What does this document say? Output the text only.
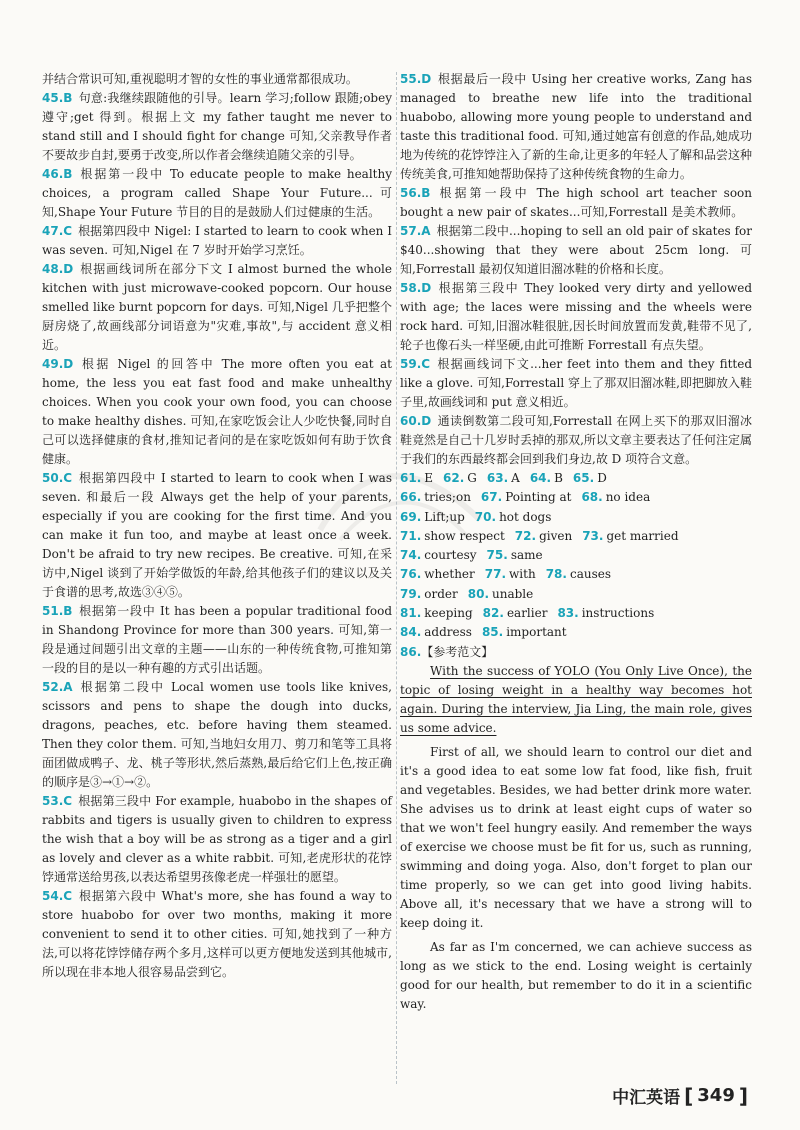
并结合常识可知,重视聪明才智的女性的事业通常都很成功。
45.B 句意:我继续跟随他的引导。learn 学习;follow 跟随;obey 遵守;get 得到。根据上文 my father taught me never to stand still and I should fight for change 可知,父亲教导作者不要故步自封,要勇于改变,所以作者会继续追随父亲的引导。
46.B 根据第一段中 To educate people to make healthy choices, a program called Shape Your Future...可知,Shape Your Future 节目的目的是鼓励人们过健康的生活。
47.C 根据第四段中 Nigel: I started to learn to cook when I was seven. 可知,Nigel 在 7 岁时开始学习烹饪。
48.D 根据画线词所在部分下文 I almost burned the whole kitchen with just microwave-cooked popcorn. Our house smelled like burnt popcorn for days. 可知,Nigel 几乎把整个厨房烧了,故画线部分词语意为"灾难,事故",与 accident 意义相近。
49.D 根据 Nigel 的回答中 The more often you eat at home, the less you eat fast food and make unhealthy choices. When you cook your own food, you can choose to make healthy dishes. 可知,在家吃饭会让人少吃快餐,同时自己可以选择健康的食材,推知记者问的是在家吃饭如何有助于饮食健康。
50.C 根据第四段中 I started to learn to cook when I was seven. 和最后一段 Always get the help of your parents, especially if you are cooking for the first time. And you can make it fun too, and maybe at least once a week. Don't be afraid to try new recipes. Be creative. 可知,在采访中,Nigel 谈到了开始学做饭的年龄,给其他孩子们的建议以及关于食谱的思考,故选③④⑤。
51.B 根据第一段中 It has been a popular traditional food in Shandong Province for more than 300 years. 可知,第一段是通过间题引出文章的主题——山东的一种传统食物,可推知第一段的目的是以一种有趣的方式引出话题。
52.A 根据第二段中 Local women use tools like knives, scissors and pens to shape the dough into ducks, dragons, peaches, etc. before having them steamed. Then they color them. 可知,当地妇女用刀、剪刀和笔等工具将面团做成鸭子、龙、桃子等形状,然后蒸熟,最后给它们上色,按正确的顺序是③→①→②。
53.C 根据第三段中 For example, huabobo in the shapes of rabbits and tigers is usually given to children to express the wish that a boy will be as strong as a tiger and a girl as lovely and clever as a white rabbit. 可知,老虎形状的花饽饽通常送给男孩,以表达希望男孩像老虎一样强壮的愿望。
54.C 根据第六段中 What's more, she has found a way to store huabobo for over two months, making it more convenient to send it to other cities. 可知,她找到了一种方法,可以将花饽饽储存两个多月,这样可以更方便地发送到其他城市,所以现在非本地人很容易品尝到它。
55.D 根据最后一段中 Using her creative works, Zang has managed to breathe new life into the traditional huabobo, allowing more young people to understand and taste this traditional food. 可知,通过她富有创意的作品,她成功地为传统的花饽饽注入了新的生命,让更多的年轻人了解和品尝这种传统美食,可推知她帮助保持了这种传统食物的生命力。
56.B 根据第一段中 The high school art teacher soon bought a new pair of skates...可知,Forrestall 是美术教师。
57.A 根据第二段中...hoping to sell an old pair of skates for $40...showing that they were about 25cm long. 可知,Forrestall 最初仅知道旧溜冰鞋的价格和长度。
58.D 根据第三段中 They looked very dirty and yellowed with age; the laces were missing and the wheels were rock hard. 可知,旧溜冰鞋很脏,因长时间放置而发黄,鞋带不见了,轮子也像石头一样坚硬,由此可推断 Forrestall 有点失望。
59.C 根据画线词下文...her feet into them and they fitted like a glove. 可知,Forrestall 穿上了那双旧溜冰鞋,即把脚放入鞋子里,故画线词和 put 意义相近。
60.D 通读倒数第二段可知,Forrestall 在网上买下的那双旧溜冰鞋竟然是自己十几岁时丢掉的那双,所以文章主要表达了任何注定属于我们的东西最终都会回到我们身边,故 D 项符合文意。
61. E 62. G 63. A 64. B 65. D
66. tries;on 67. Pointing at 68. no idea
69. Lift;up 70. hot dogs
71. show respect 72. given 73. get married
74. courtesy 75. same
76. whether 77. with 78. causes
79. order 80. unable
81. keeping 82. earlier 83. instructions
84. address 85. important
86.【参考范文】

With the success of YOLO (You Only Live Once), the topic of losing weight in a healthy way becomes hot again. During the interview, Jia Ling, the main role, gives us some advice.

First of all, we should learn to control our diet and it's a good idea to eat some low fat food, like fish, fruit and vegetables. Besides, we had better drink more water. She advises us to drink at least eight cups of water so that we won't feel hungry easily. And remember the ways of exercise we choose must be fit for us, such as running, swimming and doing yoga. Also, don't forget to plan our time properly, so we can get into good living habits. Above all, it's necessary that we have a strong will to keep doing it.

As far as I'm concerned, we can achieve success as long as we stick to the end. Losing weight is certainly good for our health, but remember to do it in a scientific way.

中汇英语 [ 349 ]
